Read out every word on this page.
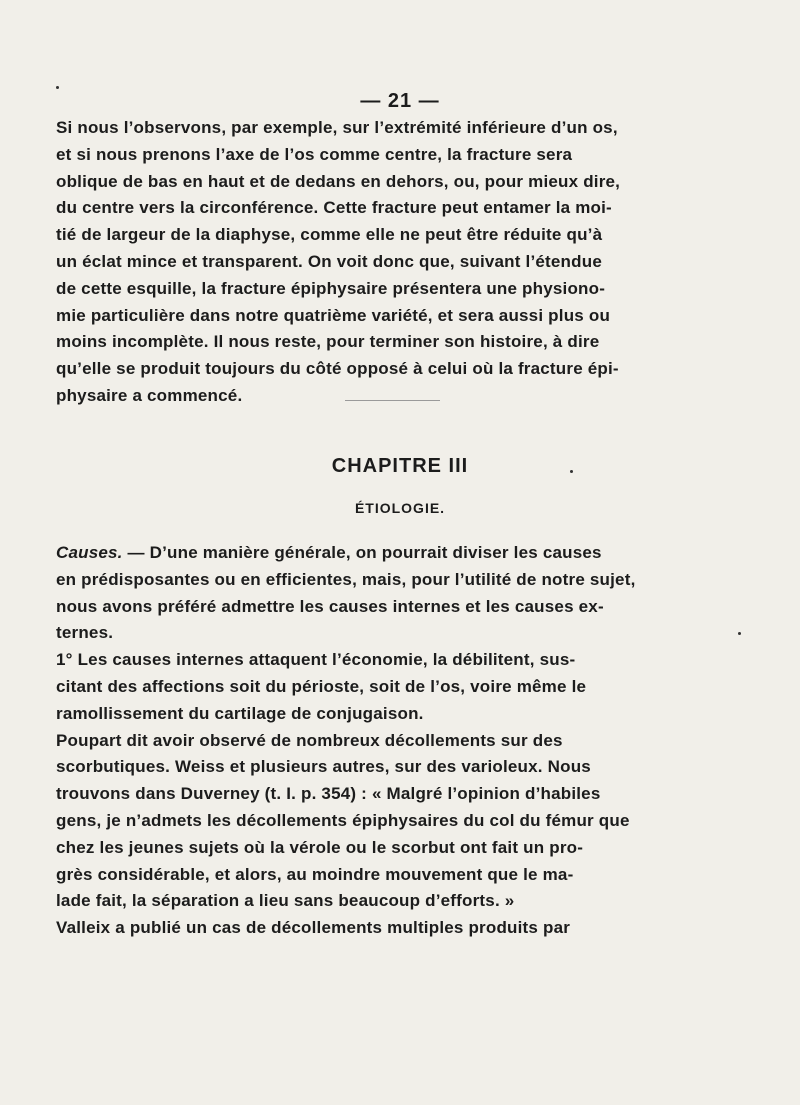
— 21 —

Si nous l’observons, par exemple, sur l’extrémité inférieure d’un os,

et si nous prenons l’axe de l’os comme centre, la fracture sera

oblique de bas en haut et de dedans en dehors, ou, pour mieux dire,

du centre vers la circonférence. Cette fracture peut entamer la moi-

tié de largeur de la diaphyse, comme elle ne peut être réduite qu’à

un éclat mince et transparent. On voit donc que, suivant l’étendue

de cette esquille, la fracture épiphysaire présentera une physiono-

mie particulière dans notre quatrième variété, et sera aussi plus ou

moins incomplète. Il nous reste, pour terminer son histoire, à dire

qu’elle se produit toujours du côté opposé à celui où la fracture épi-

physaire a commencé.

CHAPITRE III
ÉTIOLOGIE.

Causes. — D’une manière générale, on pourrait diviser les causes

en prédisposantes ou en efficientes, mais, pour l’utilité de notre sujet,

nous avons préféré admettre les causes internes et les causes ex-

ternes.

1° Les causes internes attaquent l’économie, la débilitent, sus-

citant des affections soit du périoste, soit de l’os, voire même le

ramollissement du cartilage de conjugaison.

Poupart dit avoir observé de nombreux décollements sur des

scorbutiques. Weiss et plusieurs autres, sur des varioleux. Nous

trouvons dans Duverney (t. I. p. 354) : « Malgré l’opinion d’habiles

gens, je n’admets les décollements épiphysaires du col du fémur que

chez les jeunes sujets où la vérole ou le scorbut ont fait un pro-

grès considérable, et alors, au moindre mouvement que le ma-

lade fait, la séparation a lieu sans beaucoup d’efforts. »

Valleix a publié un cas de décollements multiples produits par
